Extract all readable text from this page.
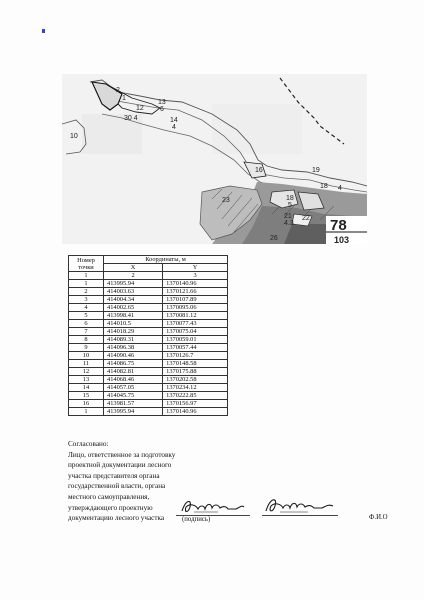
78
103
2
1
12
30 4
13
6
14
4
10
16
18 4
19
18
5
23
21
4.3
22
26
Номер точки	Координаты, м	
	X	Y
1	2	3
1	413995.94	1370140.96
2	414003.63	1370121.66
3	414004.34	1370107.89
4	414002.65	1370095.06
5	413998.41	1370081.12
6	414010.5	1370077.43
7	414018.29	1370075.04
8	414089.31	1370059.01
9	414096.38	1370057.44
10	414090.46	1370126.7
11	414086.75	1370148.58
12	414082.81	1370175.88
13	414068.46	1370202.58
14	414057.05	1370234.12
15	414045.75	1370222.85
16	413981.57	1370156.97
1	413995.94	1370140.96
Согласовано:
Лицо, ответственное за подготовку
проектной документации лесного
участка представителя органа
государственной власти, органа
местного самоуправления,
утверждающего проектную
документацию лесного участка	(подпись)	Ф.И.О
